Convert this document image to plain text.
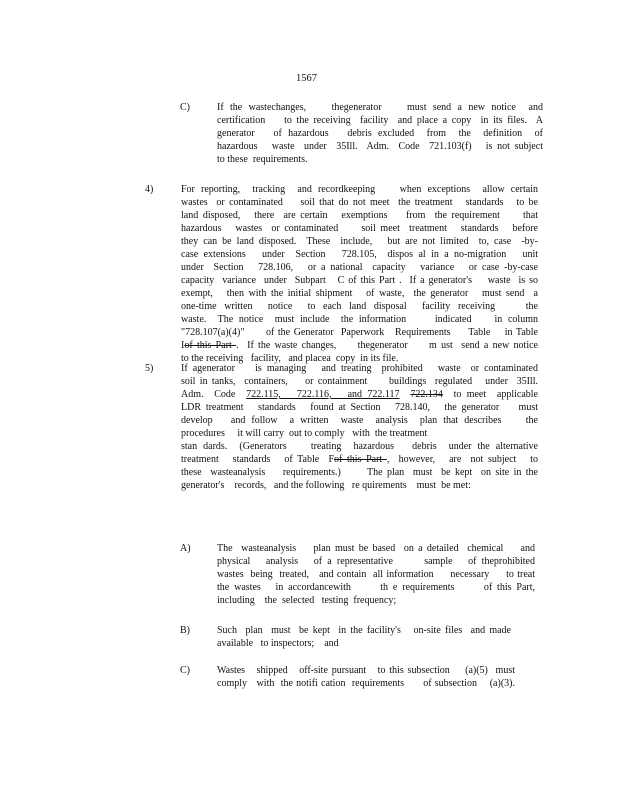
1567
C)	If the wastechanges,    thegenerator    must send a new notice  and
certification    to the receiving  facility  and place a copy  in its files.  A
generator   of hazardous   debris excluded  from  the  definition  of
hazardous   waste  under  35Ill.  Adm.  Code  721.103(f)   is not subject
to these  requirements.
4)	For reporting,  tracking  and recordkeeping    when exceptions  allow certain
wastes  or contaminated    soil that do not meet  the treatment   standards   to be
land disposed,   there  are certain   exemptions    from  the requirement     that
hazardous   wastes  or contaminated     soil meet  treatment   standards   before
they can be land disposed.  These  include,   but are not limited  to, case  -by-
case extensions   under  Section   728.105,  dispos al in a no-migration   unit
under  Section   728.106,   or a national  capacity   variance   or case -by-case
capacity  variance  under  Subpart   C of this Part .  If a generator's    waste  is so
exempt,   then with the initial shipment   of waste,  the generator   must send  a
one-time written  notice  to each land disposal  facility receiving    the
waste.  The notice  must include  the information     indicated    in column
"728.107(a)(4)"      of the Generator  Paperwork   Requirements     Table    in Table
Iof this Part .  If the waste changes,     thegenerator     m ust  send a new notice
to the receiving   facility,   and placea  copy  in its file.
5)	If agenerator    is managing   and treating  prohibited   waste  or contaminated
soil in tanks,  containers,    or containment     buildings  regulated   under  35Ill.
Adm.  Code  722.115,   722.116,   and 722.117 722.134  to meet  applicable
LDR treatment   standards   found at Section   728.140,   the generator    must
develop   and follow  a written  waste  analysis  plan that describes    the
procedures     it will carry  out to comply   with  the treatment
stan dards.  (Generators    treating  hazardous   debris  under the alternative
treatment   standards   of Table  Fof this Part ,  however,   are  not subject   to
these  wasteanalysis    requirements.)      The plan  must  be kept  on site in the
generator's    records,   and the following   re quirements    must  be met:
A)	The  wasteanalysis    plan must be based  on a detailed  chemical    and
physical   analysis   of a representative      sample   of theprohibited
wastes  being  treated,   and contain  all information     necessary     to treat
the wastes   in accordancewith      th e requirements      of this Part,
including    the  selected   testing  frequency;
B)	Such  plan  must  be kept  in the facility's   on-site files  and made
available   to inspectors;    and
C)	Wastes   shipped   off-site pursuant   to this subsection    (a)(5)  must
comply   with  the notifi cation  requirements      of subsection    (a)(3).
